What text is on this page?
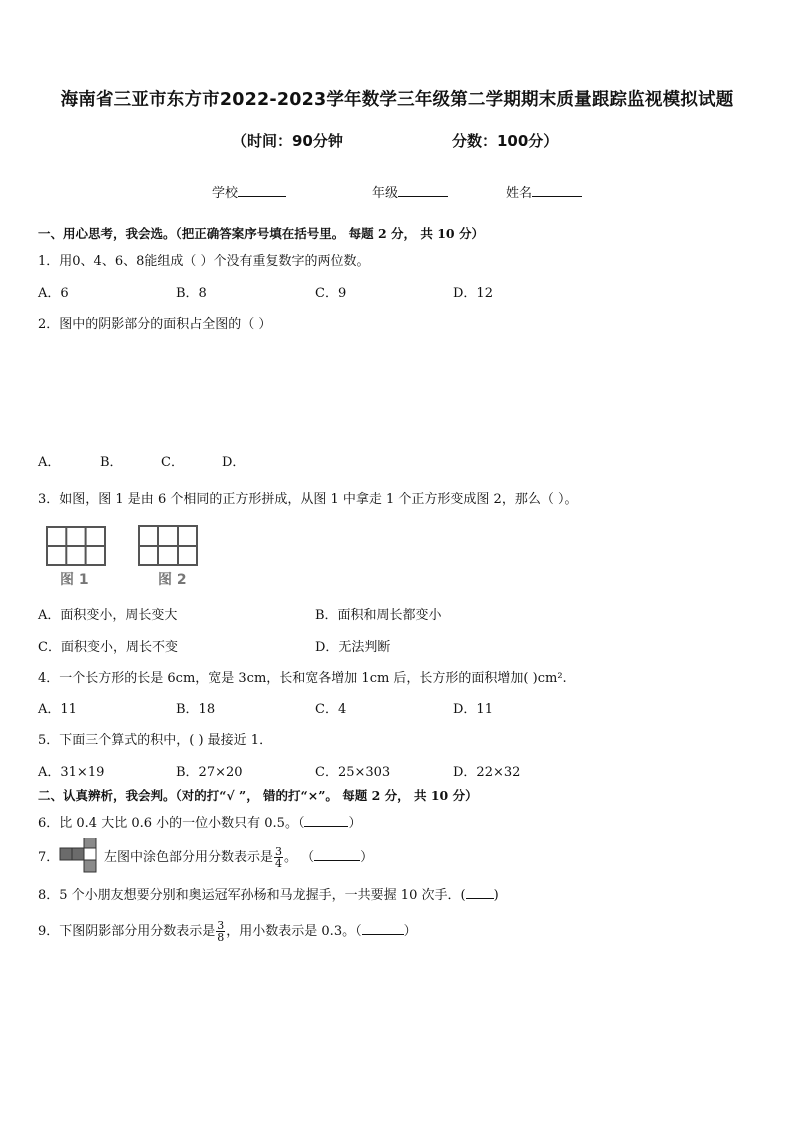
海南省三亚市东方市2022-2023学年数学三年级第二学期期末质量跟踪监视模拟试题
（时间：90分钟	分数：100分）
学校	年级	姓名
一、用心思考，我会选。（把正确答案序号填在括号里。 每题 2 分， 共 10 分）
1．用0、4、6、8能组成（ ）个没有重复数字的两位数。
A．6	B．8	C．9	D．12
2．图中的阴影部分的面积占全图的（ ）
A．	B．	C．	D．
3．如图，图 1 是由 6 个相同的正方形拼成，从图 1 中拿走 1 个正方形变成图 2，那么（ ）。
图 1	图 2
A．面积变小，周长变大	B．面积和周长都变小
C．面积变小，周长不变	D．无法判断
4．一个长方形的长是 6cm，宽是 3cm，长和宽各增加 1cm 后，长方形的面积增加( )cm².
A．11	B．18	C．4	D．11
5．下面三个算式的积中，( ) 最接近 1．
A．31×19	B．27×20	C．25×303	D．22×32
二、认真辨析，我会判。（对的打“√ ”， 错的打“×”。 每题 2 分， 共 10 分）
6．比 0.4 大比 0.6 小的一位小数只有 0.5。（	）
7．	左图中涂色部分用分数表示是 $\frac{3}{4}$ 。 （	）
8．5 个小朋友想要分别和奥运冠军孙杨和马龙握手，一共要握 10 次手．( )
9．下图阴影部分用分数表示是 $\frac{3}{8}$ ，用小数表示是 0.3。（	）
